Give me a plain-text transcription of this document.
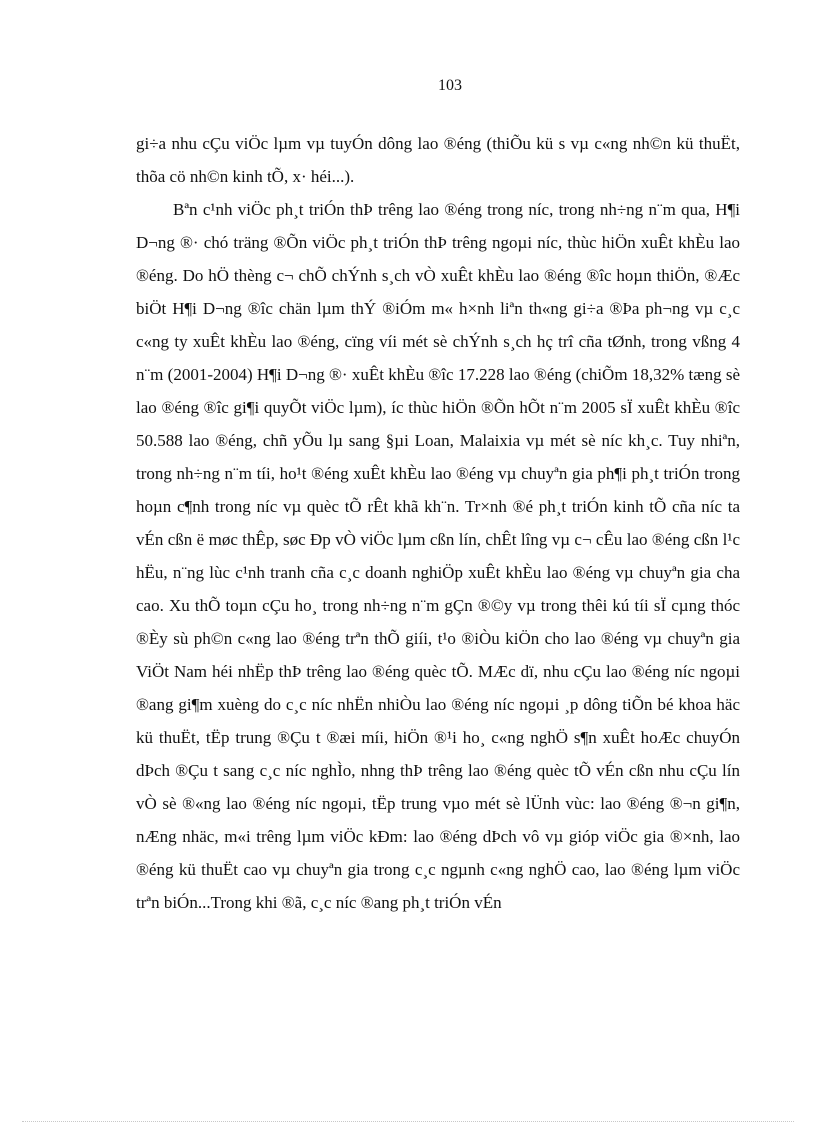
103

gi÷a nhu cÇu viÖc lµm vµ tuyÓn dông lao ®éng (thiÕu kü s vµ c«ng nh©n kü thuËt, thõa cö nh©n kinh tÕ, x· héi...).

Bªn c¹nh viÖc ph¸t triÓn thÞ trêng lao ®éng trong níc, trong nh÷ng n¨m qua, H¶i D¬ng ®· chó träng ®Õn viÖc ph¸t triÓn thÞ trêng ngoµi níc, thùc hiÖn xuÊt khÈu lao ®éng. Do hÖ thèng c¬ chÕ chÝnh s¸ch vÒ xuÊt khÈu lao ®éng ®îc hoµn thiÖn, ®Æc biÖt H¶i D¬ng ®îc chän lµm thÝ ®iÓm m« h×nh liªn th«ng gi÷a ®Þa ph¬ng vµ c¸c c«ng ty xuÊt khÈu lao ®éng, cïng víi mét sè chÝnh s¸ch hç trî cña tØnh, trong vßng 4 n¨m (2001-2004) H¶i D¬ng ®· xuÊt khÈu ®îc 17.228 lao ®éng (chiÕm 18,32% tæng sè lao ®éng ®îc gi¶i quyÕt viÖc lµm), íc thùc hiÖn ®Õn hÕt n¨m 2005 sÏ xuÊt khÈu ®îc 50.588 lao ®éng, chñ yÕu lµ sang §µi Loan, Malaixia vµ mét sè níc kh¸c. Tuy nhiªn, trong nh÷ng n¨m tíi, ho¹t ®éng xuÊt khÈu lao ®éng vµ chuyªn gia ph¶i ph¸t triÓn trong hoµn c¶nh trong níc vµ quèc tÕ rÊt khã kh¨n. Tr×nh ®é ph¸t triÓn kinh tÕ cña níc ta vÉn cßn ë møc thÊp, søc Ðp vÒ viÖc lµm cßn lín, chÊt lîng vµ c¬ cÊu lao ®éng cßn l¹c hËu, n¨ng lùc c¹nh tranh cña c¸c doanh nghiÖp xuÊt khÈu lao ®éng vµ chuyªn gia cha cao. Xu thÕ toµn cÇu ho¸ trong nh÷ng n¨m gÇn ®©y vµ trong thêi kú tíi sÏ cµng thóc ®Èy sù ph©n c«ng lao ®éng trªn thÕ giíi, t¹o ®iÒu kiÖn cho lao ®éng vµ chuyªn gia ViÖt Nam héi nhËp thÞ trêng lao ®éng quèc tÕ. MÆc dï, nhu cÇu lao ®éng níc ngoµi ®ang gi¶m xuèng do c¸c níc nhËn nhiÒu lao ®éng níc ngoµi ¸p dông tiÕn bé khoa häc kü thuËt, tËp trung ®Çu t ®æi míi, hiÖn ®¹i ho¸ c«ng nghÖ s¶n xuÊt hoÆc chuyÓn dÞch ®Çu t sang c¸c níc nghÌo, nhng thÞ trêng lao ®éng quèc tÕ vÉn cßn nhu cÇu lín vÒ sè ®«ng lao ®éng níc ngoµi, tËp trung vµo mét sè lÜnh vùc: lao ®éng ®¬n gi¶n, nÆng nhäc, m«i trêng lµm viÖc kÐm: lao ®éng dÞch vô vµ gióp viÖc gia ®×nh, lao ®éng kü thuËt cao vµ chuyªn gia trong c¸c ngµnh c«ng nghÖ cao, lao ®éng lµm viÖc trªn biÓn...Trong khi ®ã, c¸c níc ®ang ph¸t triÓn vÉn
